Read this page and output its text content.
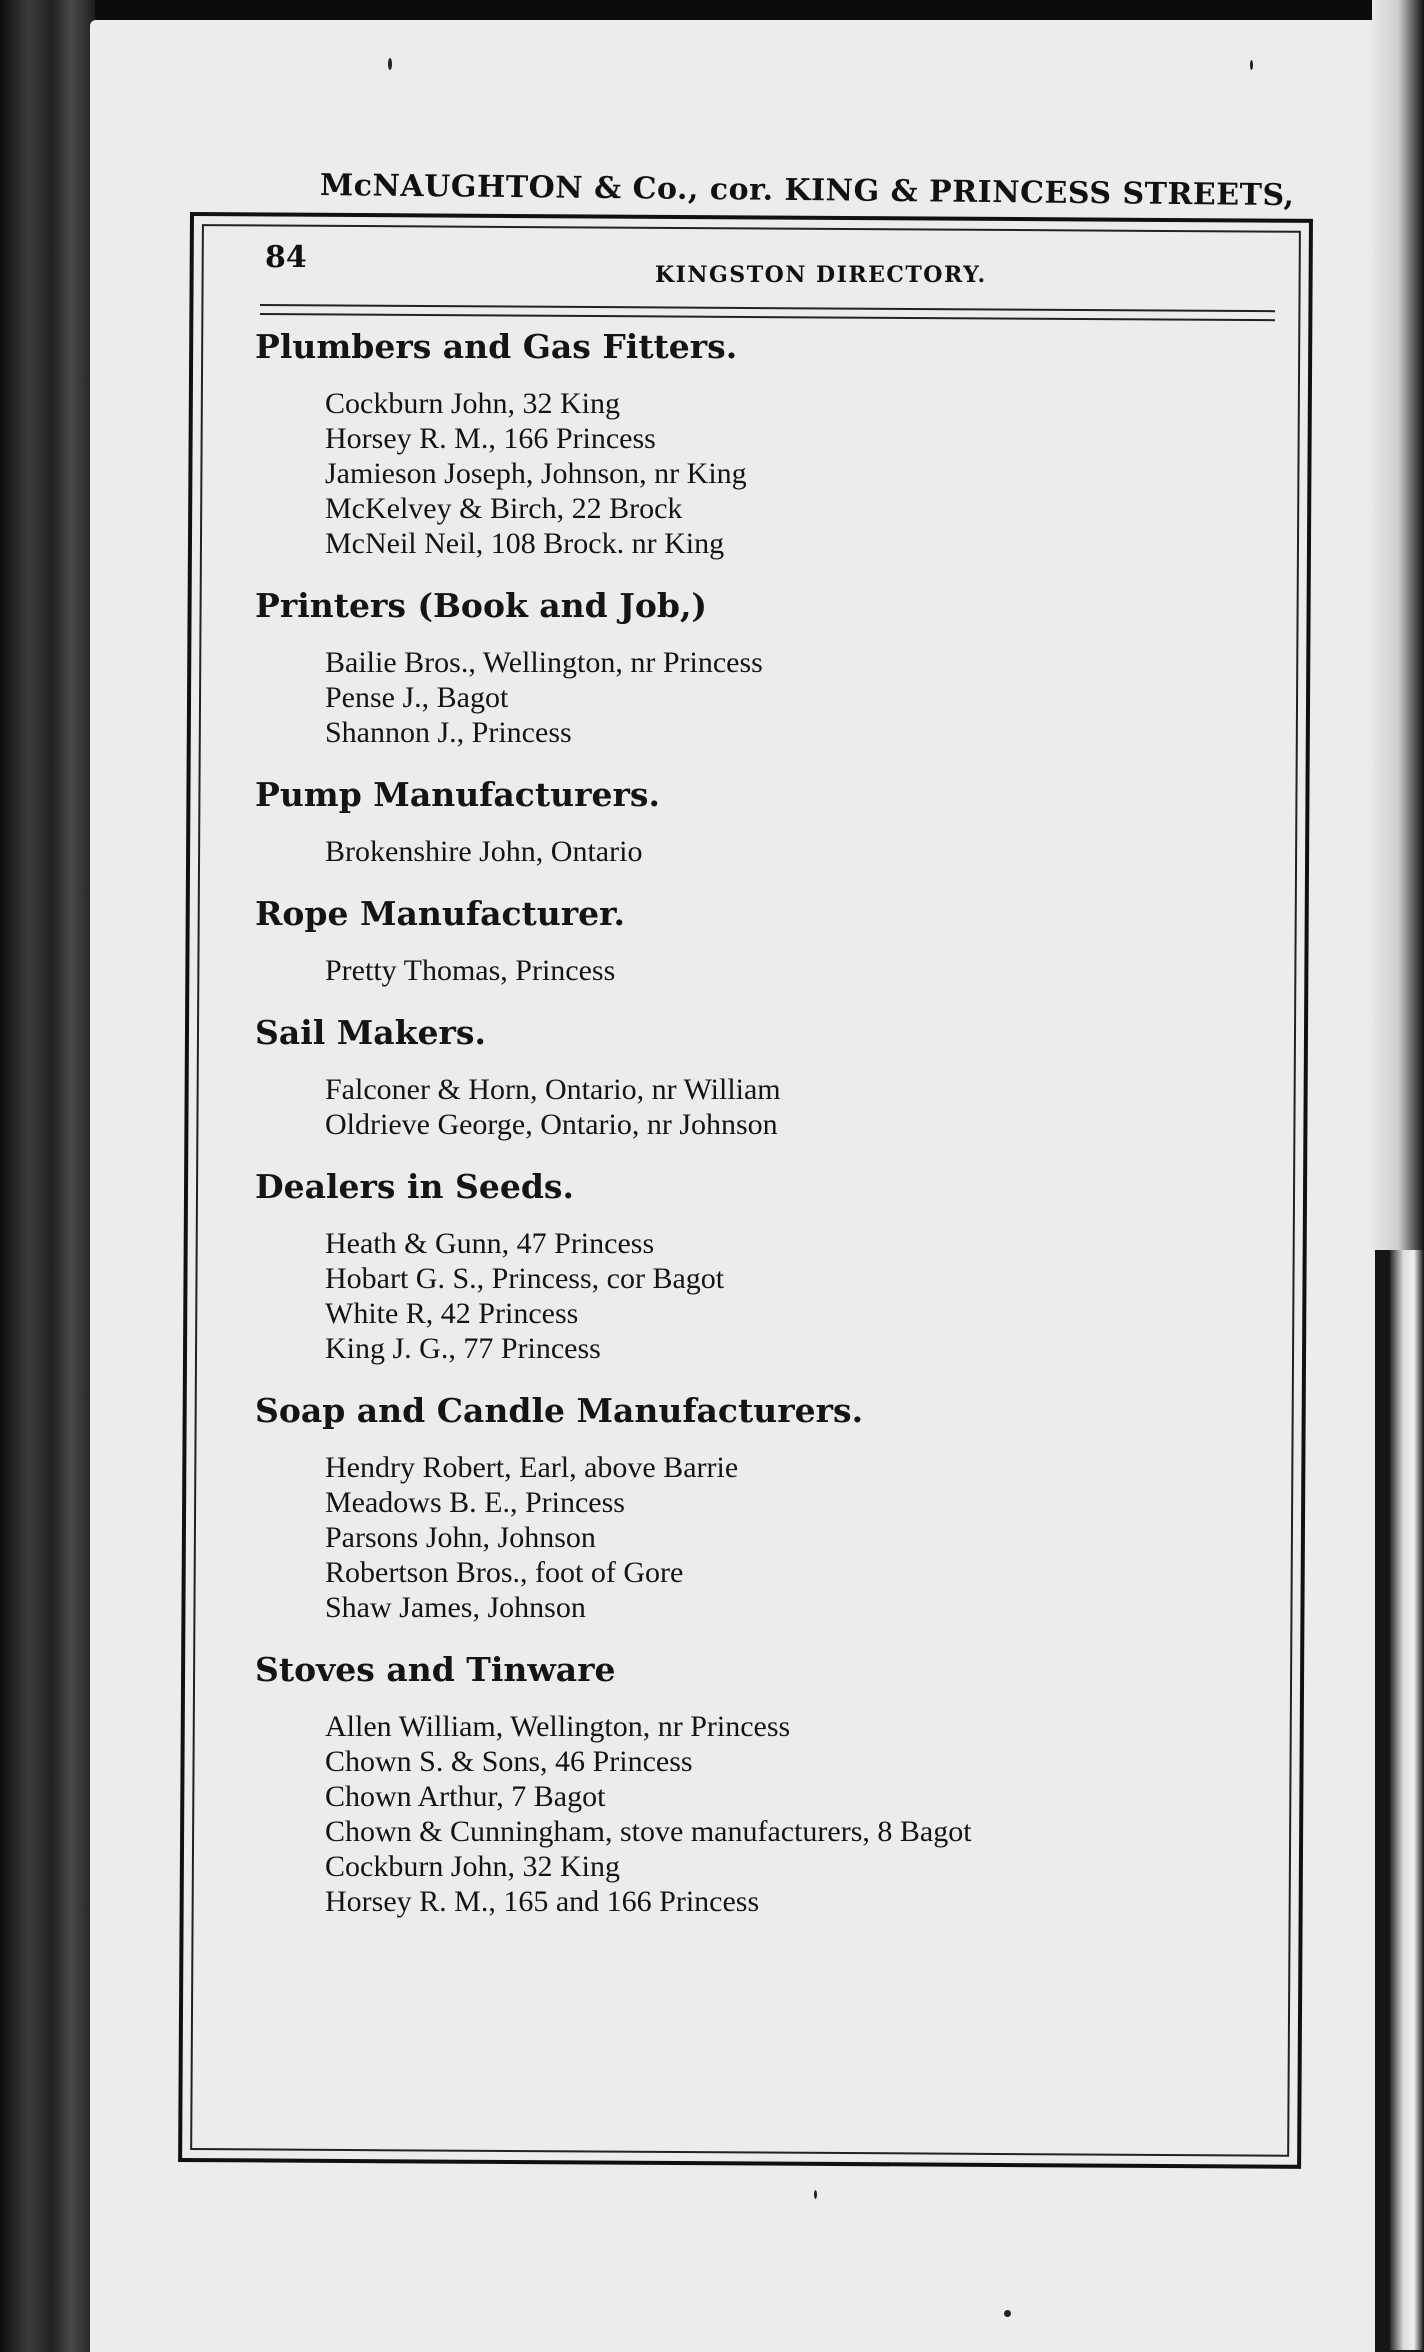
McNAUGHTON & Co., cor. KING & PRINCESS STREETS,
84	KINGSTON DIRECTORY.
Plumbers and Gas Fitters.
Cockburn John, 32 King
Horsey R. M., 166 Princess
Jamieson Joseph, Johnson, nr King
McKelvey & Birch, 22 Brock
McNeil Neil, 108 Brock. nr King
Printers (Book and Job,)
Bailie Bros., Wellington, nr Princess
Pense J., Bagot
Shannon J., Princess
Pump Manufacturers.
Brokenshire John, Ontario
Rope Manufacturer.
Pretty Thomas, Princess
Sail Makers.
Falconer & Horn, Ontario, nr William
Oldrieve George, Ontario, nr Johnson
Dealers in Seeds.
Heath & Gunn, 47 Princess
Hobart G. S., Princess, cor Bagot
White R, 42 Princess
King J. G., 77 Princess
Soap and Candle Manufacturers.
Hendry Robert, Earl, above Barrie
Meadows B. E., Princess
Parsons John, Johnson
Robertson Bros., foot of Gore
Shaw James, Johnson
Stoves and Tinware
Allen William, Wellington, nr Princess
Chown S. & Sons, 46 Princess
Chown Arthur, 7 Bagot
Chown & Cunningham, stove manufacturers, 8 Bagot
Cockburn John, 32 King
Horsey R. M., 165 and 166 Princess
